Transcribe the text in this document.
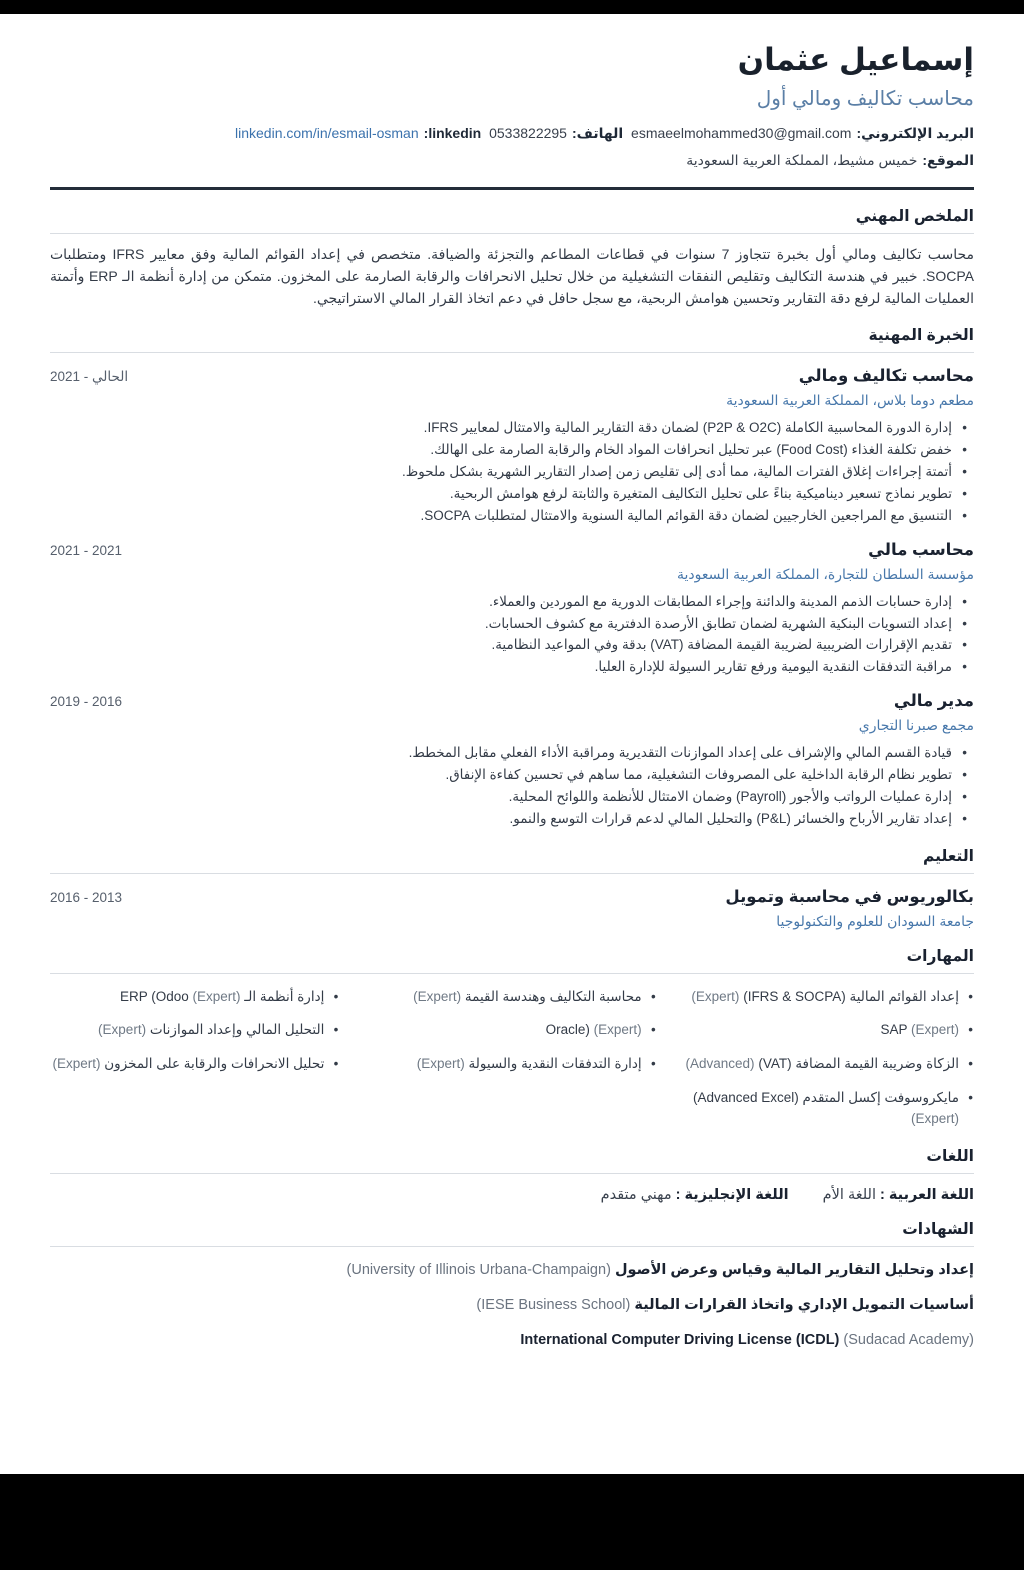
إسماعيل عثمان
محاسب تكاليف ومالي أول
البريد الإلكتروني:esmaeelmohammed30@gmail.com الهاتف:0533822295 linkedin:linkedin.com/in/esmail-osman
الموقع:خميس مشيط، المملكة العربية السعودية
الملخص المهني

محاسب تكاليف ومالي أول بخبرة تتجاوز 7 سنوات في قطاعات المطاعم والتجزئة والضيافة. متخصص في إعداد القوائم المالية وفق معايير IFRS ومتطلبات SOCPA. خبير في هندسة التكاليف وتقليص النفقات التشغيلية من خلال تحليل الانحرافات والرقابة الصارمة على المخزون. متمكن من إدارة أنظمة الـ ERP وأتمتة العمليات المالية لرفع دقة التقارير وتحسين هوامش الربحية، مع سجل حافل في دعم اتخاذ القرار المالي الاستراتيجي.

الخبرة المهنية
محاسب تكاليف ومالي
2021 - الحالي
مطعم دوما بلاس، المملكة العربية السعودية
• إدارة الدورة المحاسبية الكاملة (P2P & O2C) لضمان دقة التقارير المالية والامتثال لمعايير IFRS.
• خفض تكلفة الغذاء (Food Cost) عبر تحليل انحرافات المواد الخام والرقابة الصارمة على الهالك.
• أتمتة إجراءات إغلاق الفترات المالية، مما أدى إلى تقليص زمن إصدار التقارير الشهرية بشكل ملحوظ.
• تطوير نماذج تسعير ديناميكية بناءً على تحليل التكاليف المتغيرة والثابتة لرفع هوامش الربحية.
• التنسيق مع المراجعين الخارجيين لضمان دقة القوائم المالية السنوية والامتثال لمتطلبات SOCPA.
محاسب مالي
2021 - 2021
مؤسسة السلطان للتجارة، المملكة العربية السعودية
• إدارة حسابات الذمم المدينة والدائنة وإجراء المطابقات الدورية مع الموردين والعملاء.
• إعداد التسويات البنكية الشهرية لضمان تطابق الأرصدة الدفترية مع كشوف الحسابات.
• تقديم الإقرارات الضريبية لضريبة القيمة المضافة (VAT) بدقة وفي المواعيد النظامية.
• مراقبة التدفقات النقدية اليومية ورفع تقارير السيولة للإدارة العليا.
مدير مالي
2019 - 2016
مجمع صبرنا التجاري
• قيادة القسم المالي والإشراف على إعداد الموازنات التقديرية ومراقبة الأداء الفعلي مقابل المخطط.
• تطوير نظام الرقابة الداخلية على المصروفات التشغيلية، مما ساهم في تحسين كفاءة الإنفاق.
• إدارة عمليات الرواتب والأجور (Payroll) وضمان الامتثال للأنظمة واللوائح المحلية.
• إعداد تقارير الأرباح والخسائر (P&L) والتحليل المالي لدعم قرارات التوسع والنمو.
التعليم
بكالوريوس في محاسبة وتمويل
2016 - 2013
جامعة السودان للعلوم والتكنولوجيا
المهارات
• إعداد القوائم المالية (IFRS & SOCPA) (Expert)
• محاسبة التكاليف وهندسة القيمة (Expert)
• إدارة أنظمة الـ ERP (Odoo (Expert)
• SAP (Expert)
• Oracle) (Expert)
• التحليل المالي وإعداد الموازنات (Expert)
• الزكاة وضريبة القيمة المضافة (VAT) (Advanced)
• إدارة التدفقات النقدية والسيولة (Expert)
• تحليل الانحرافات والرقابة على المخزون (Expert)
• مايكروسوفت إكسل المتقدم (Advanced Excel) (Expert)
اللغات
اللغة العربية : اللغة الأم اللغة الإنجليزية : مهني متقدم
الشهادات
إعداد وتحليل التقارير المالية وقياس وعرض الأصول (University of Illinois Urbana-Champaign)
أساسيات التمويل الإداري واتخاذ القرارات المالية (IESE Business School)
International Computer Driving License (ICDL) (Sudacad Academy)
